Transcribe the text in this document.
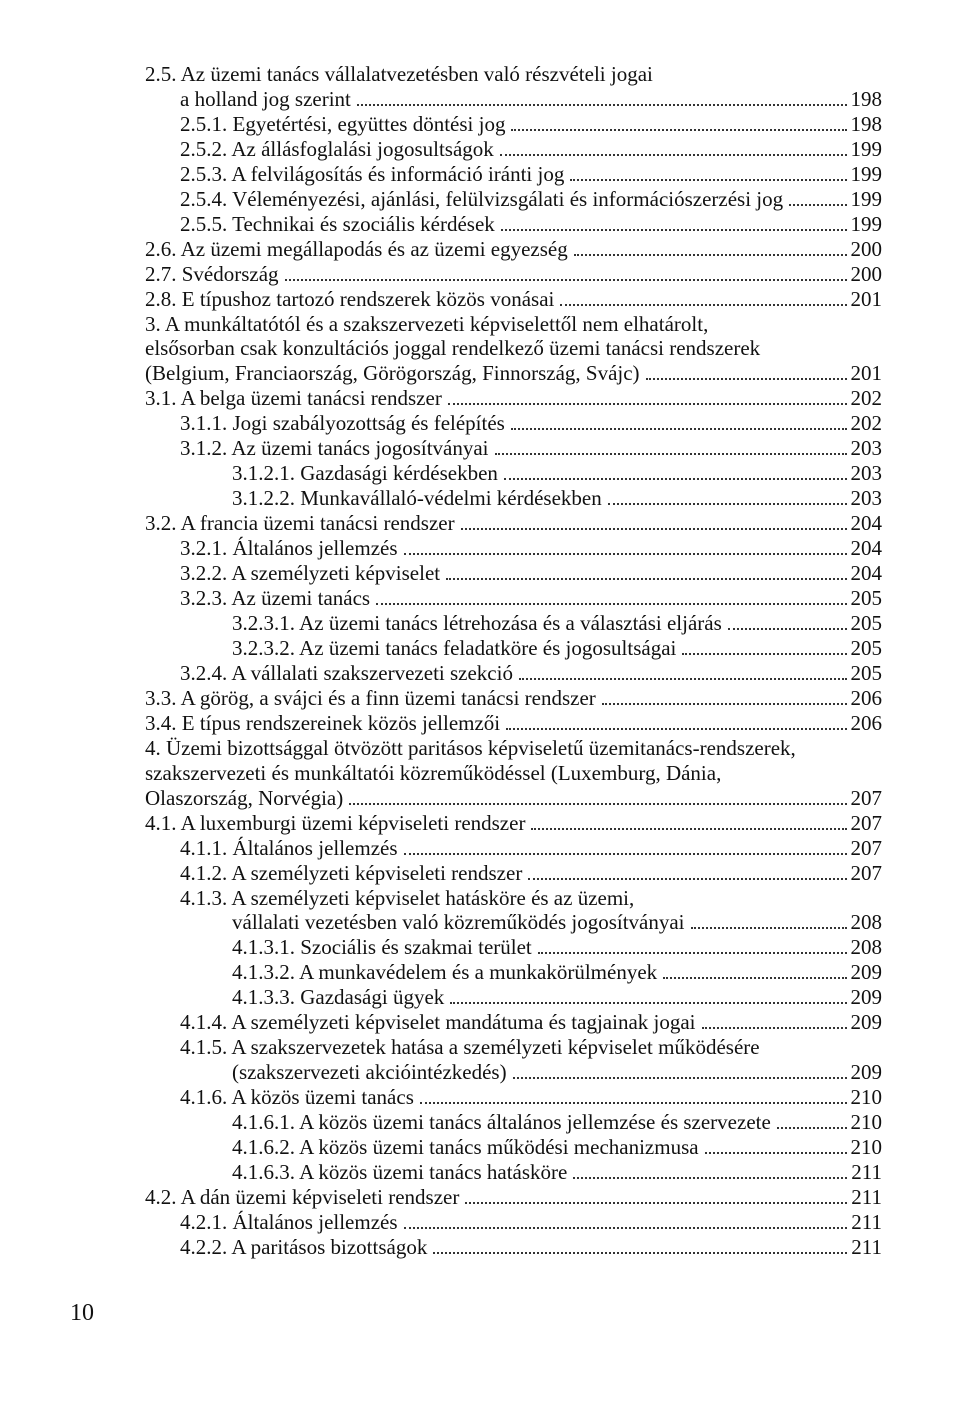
2.5. Az üzemi tanács vállalatvezetésben való részvételi jogai
a holland jog szerint	198
2.5.1. Egyetértési, együttes döntési jog	198
2.5.2. Az állásfoglalási jogosultságok	199
2.5.3. A felvilágosítás és információ iránti jog	199
2.5.4. Véleményezési, ajánlási, felülvizsgálati és információszerzési jog	199
2.5.5. Technikai és szociális kérdések	199
2.6. Az üzemi megállapodás és az üzemi egyezség	200
2.7. Svédország	200
2.8. E típushoz tartozó rendszerek közös vonásai	201
3. A munkáltatótól és a szakszervezeti képviselettől nem elhatárolt,
elsősorban csak konzultációs joggal rendelkező üzemi tanácsi rendszerek
(Belgium, Franciaország, Görögország, Finnország, Svájc)	201
3.1. A belga üzemi tanácsi rendszer	202
3.1.1. Jogi szabályozottság és felépítés	202
3.1.2. Az üzemi tanács jogosítványai	203
3.1.2.1. Gazdasági kérdésekben	203
3.1.2.2. Munkavállaló-védelmi kérdésekben	203
3.2. A francia üzemi tanácsi rendszer	204
3.2.1. Általános jellemzés	204
3.2.2. A személyzeti képviselet	204
3.2.3. Az üzemi tanács	205
3.2.3.1. Az üzemi tanács létrehozása és a választási eljárás	205
3.2.3.2. Az üzemi tanács feladatköre és jogosultságai	205
3.2.4. A vállalati szakszervezeti szekció	205
3.3. A görög, a svájci és a finn üzemi tanácsi rendszer	206
3.4. E típus rendszereinek közös jellemzői	206
4. Üzemi bizottsággal ötvözött paritásos képviseletű üzemitanács-rendszerek,
szakszervezeti és munkáltatói közreműködéssel (Luxemburg, Dánia,
Olaszország, Norvégia)	207
4.1. A luxemburgi üzemi képviseleti rendszer	207
4.1.1. Általános jellemzés	207
4.1.2. A személyzeti képviseleti rendszer	207
4.1.3. A személyzeti képviselet hatásköre és az üzemi,
vállalati vezetésben való közreműködés jogosítványai	208
4.1.3.1. Szociális és szakmai terület	208
4.1.3.2. A munkavédelem és a munkakörülmények	209
4.1.3.3. Gazdasági ügyek	209
4.1.4. A személyzeti képviselet mandátuma és tagjainak jogai	209
4.1.5. A szakszervezetek hatása a személyzeti képviselet működésére
(szakszervezeti akcióintézkedés)	209
4.1.6. A közös üzemi tanács	210
4.1.6.1. A közös üzemi tanács általános jellemzése és szervezete	210
4.1.6.2. A közös üzemi tanács működési mechanizmusa	210
4.1.6.3. A közös üzemi tanács hatásköre	211
4.2. A dán üzemi képviseleti rendszer	211
4.2.1. Általános jellemzés	211
4.2.2. A paritásos bizottságok	211
10
